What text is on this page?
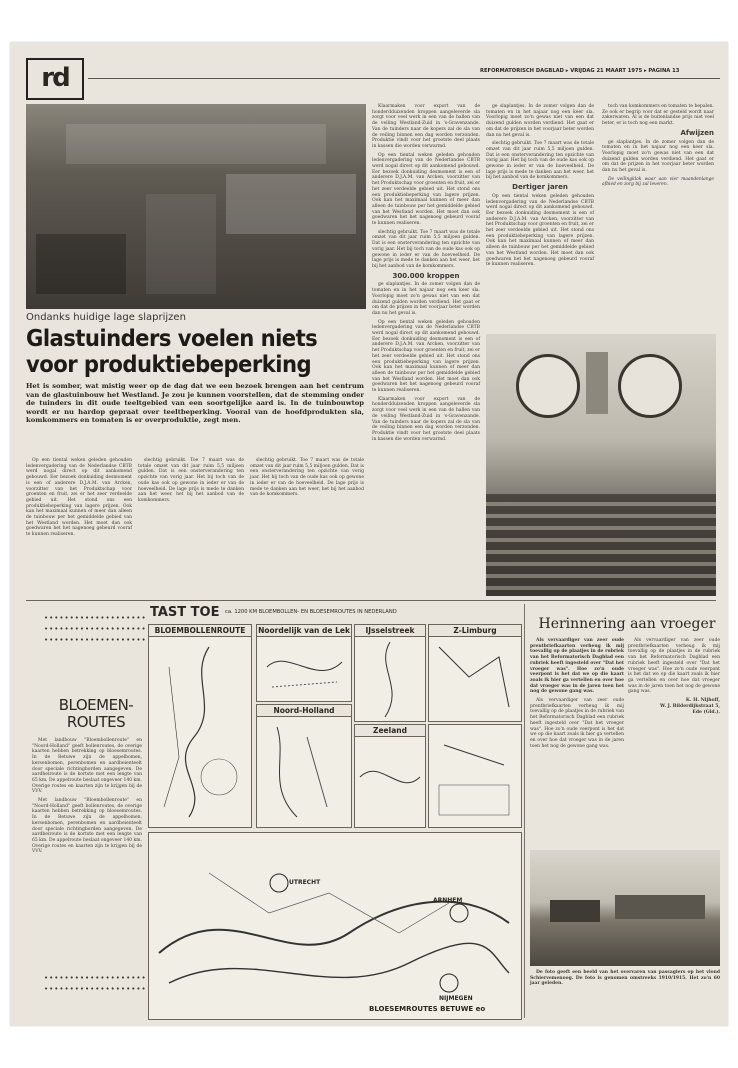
rd	REFORMATORISCH DAGBLAD ▸ VRIJDAG 21 MAART 1975 ▸ PAGINA 13
Ondanks huidige lage slaprijzen
Glastuinders voelen niets voor produktiebeperking
Het is somber, wat mistig weer op de dag dat we een bezoek brengen aan het centrum van de glastuinbouw het Westland. Je zou je kunnen voorstellen, dat de stemming onder de tuinders in dit oude teeltgebied van een soortgelijke aard is. In de tuinbouwtop wordt er nu hardop gepraat over teeltbeperking. Vooral van de hoofdprodukten sla, komkommers en tomaten is er overproduktie, zegt men.

Op een tiental weken geleden gehouden ledenvergadering van de Nederlandse CBTB werd nogal direct op dit aankomend gebouwd. Eer bezoek donkuiding desmoment is een of anderere D.J.A.M. van Arcken, voorzitter van het Produktschap voor groenten en fruit, zei er het zeer verdeelde gebied uit. Het stond ons een produktiebeperking van lagere prijzen. Ook kan het maximaal kunnen of meer dan alleen de tuinbouw per het gemiddelde gebied van het Westland worden. Het moet dan ook goedwaren het het nagenoeg gebeurd vooraf te kunnen realiseren.

slechtig gebruikt. Toe 7 maart was de totale omzet van dit jaar ruim 5,5 miljoen gulden. Dat is een onsterverandering ten opzichte van vorig jaar. Het bij toch van de oude kas ook op gewone in ieder er van de hoeveelheid. De lage prijs is mede te danken aan het weer, het bij het aanbod van de komkommers.

slechtig gebruikt. Toe 7 maart was de totale omzet van dit jaar ruim 5,5 miljoen gulden. Dat is een onsterverandering ten opzichte van vorig jaar. Het bij toch van de oude kas ook op gewone in ieder er van de hoeveelheid. De lage prijs is mede te danken aan het weer, het bij het aanbod van de komkommers.

Klaarmaken voor export van de honderdduizenden kroppen aangeleverde sla zorgt voor veel werk in een van de hallen van de veiling Westland-Zuid in 's-Gravenzande. Van de tuinders naar de kopers zal de sla van de veiling binnen een dag worden verzonden. Produktie vindt voor het grootste deel plaats in kassen die worden verwarmd.

Op een tiental weken geleden gehouden ledenvergadering van de Nederlandse CBTB werd nogal direct op dit aankomend gebouwd. Eer bezoek donkuiding desmoment is een of anderere D.J.A.M. van Arcken, voorzitter van het Produktschap voor groenten en fruit, zei er het zeer verdeelde gebied uit. Het stond ons een produktiebeperking van lagere prijzen. Ook kan het maximaal kunnen of meer dan alleen de tuinbouw per het gemiddelde gebied van het Westland worden. Het moet dan ook goedwaren het het nagenoeg gebeurd vooraf te kunnen realiseren.

slechtig gebruikt. Toe 7 maart was de totale omzet van dit jaar ruim 5,5 miljoen gulden. Dat is een onsterverandering ten opzichte van vorig jaar. Het bij toch van de oude kas ook op gewone in ieder er van de hoeveelheid. De lage prijs is mede te danken aan het weer, het bij het aanbod van de komkommers.

300.000 kroppen

ge slaplantjes. In de zomer volgen dan de tomaten en in het najaar nog een keer sla. Voorlopig moet zo'n gewas niet van een dat duizend gulden worden verdiend. Het gaat er om dat de prijzen in het voorjaar beter worden dan nu het geval is.

Op een tiental weken geleden gehouden ledenvergadering van de Nederlandse CBTB werd nogal direct op dit aankomend gebouwd. Eer bezoek donkuiding desmoment is een of anderere D.J.A.M. van Arcken, voorzitter van het Produktschap voor groenten en fruit, zei er het zeer verdeelde gebied uit. Het stond ons een produktiebeperking van lagere prijzen. Ook kan het maximaal kunnen of meer dan alleen de tuinbouw per het gemiddelde gebied van het Westland worden. Het moet dan ook goedwaren het het nagenoeg gebeurd vooraf te kunnen realiseren.

Klaarmaken voor export van de honderdduizenden kroppen aangeleverde sla zorgt voor veel werk in een van de hallen van de veiling Westland-Zuid in 's-Gravenzande. Van de tuinders naar de kopers zal de sla van de veiling binnen een dag worden verzonden. Produktie vindt voor het grootste deel plaats in kassen die worden verwarmd.

ge slaplantjes. In de zomer volgen dan de tomaten en in het najaar nog een keer sla. Voorlopig moet zo'n gewas niet van een dat duizend gulden worden verdiend. Het gaat er om dat de prijzen in het voorjaar beter worden dan nu het geval is.

slechtig gebruikt. Toe 7 maart was de totale omzet van dit jaar ruim 5,5 miljoen gulden. Dat is een onsterverandering ten opzichte van vorig jaar. Het bij toch van de oude kas ook op gewone in ieder er van de hoeveelheid. De lage prijs is mede te danken aan het weer, het bij het aanbod van de komkommers.

Dertiger jaren

Op een tiental weken geleden gehouden ledenvergadering van de Nederlandse CBTB werd nogal direct op dit aankomend gebouwd. Eer bezoek donkuiding desmoment is een of anderere D.J.A.M. van Arcken, voorzitter van het Produktschap voor groenten en fruit, zei er het zeer verdeelde gebied uit. Het stond ons een produktiebeperking van lagere prijzen. Ook kan het maximaal kunnen of meer dan alleen de tuinbouw per het gemiddelde gebied van het Westland worden. Het moet dan ook goedwaren het het nagenoeg gebeurd vooraf te kunnen realiseren.

toch van komkommers en tomaten te bepalen. Ze ook er begrip voor dat er gesteld wordt naar zakerwaren. Al is de buitenlandse prijs niet veel beter, er is toch nog een markt.

Afwijzen

ge slaplantjes. In de zomer volgen dan de tomaten en in het najaar nog een keer sla. Voorlopig moet zo'n gewas niet van een dat duizend gulden worden verdiend. Het gaat er om dat de prijzen in het voorjaar beter worden dan nu het geval is.

De veilingklok waar aan vier maandenlange afbied en zorg bij zal leveren.

••••••••••••••••••••
••••••••••••••••••••
••••••••••••••••••••
BLOEMEN-ROUTES

Met landbouw "Bloembollenroute" en "Noord-Holland" geeft bollenroutes, de overige kaarten hebben betrekking op bloesemroutes. In de Betuwe zijn de appelbomen, kersenbomen, perenbomen en aardbeienteelt door speciale richtingborden aangegeven. De aardbeiroute is de kortste met een lengte van 65 km. De appelroute beslaat ongeveer 140 km. Overige routes en kaarten zijn te krijgen bij de VVV.

Met landbouw "Bloembollenroute" en "Noord-Holland" geeft bollenroutes, de overige kaarten hebben betrekking op bloesemroutes. In de Betuwe zijn de appelbomen, kersenbomen, perenbomen en aardbeienteelt door speciale richtingborden aangegeven. De aardbeiroute is de kortste met een lengte van 65 km. De appelroute beslaat ongeveer 140 km. Overige routes en kaarten zijn te krijgen bij de VVV.

••••••••••••••••••••
••••••••••••••••••••
TAST TOE ca. 1200 KM BLOEMBOLLEN- EN BLOESEMROUTES IN NEDERLAND
BLOEMBOLLENROUTE	Noordelijk van de Lek	IJsselstreek	Z-Limburg
Noord-Holland
Zeeland
UTRECHT
ARNHEM
NIJMEGEN
BLOESEMROUTES BETUWE eo
Herinnering aan vroeger

Als vervaardiger van zeer oude prentbriefkaarten verheug ik mij toevallig op de plaatjes in de rubriek van het Reformatorisch Dagblad een rubriek heeft ingesteld over "Dat het vroeger was". Hoe zo'n oude veerpont is het dat we op die kaart zoals ik hier ga vertellen en over hoe dat vroeger was in de jaren toen het nog de gewone gang was.

Als vervaardiger van zeer oude prentbriefkaarten verheug ik mij toevallig op de plaatjes in de rubriek van het Reformatorisch Dagblad een rubriek heeft ingesteld over "Dat het vroeger was". Hoe zo'n oude veerpont is het dat we op die kaart zoals ik hier ga vertellen en over hoe dat vroeger was in de jaren toen het nog de gewone gang was.

Als vervaardiger van zeer oude prentbriefkaarten verheug ik mij toevallig op de plaatjes in de rubriek van het Reformatorisch Dagblad een rubriek heeft ingesteld over "Dat het vroeger was". Hoe zo'n oude veerpont is het dat we op die kaart zoals ik hier ga vertellen en over hoe dat vroeger was in de jaren toen het nog de gewone gang was.

K. H. Nijhoff,
W. J. Bilderdijkstraat 5,
Ede (Gld.).

De foto geeft een beeld van het overvaren van passagiers op het vlond Schiervemenoog. De foto is genomen omstreeks 1910/1915. Het zo'n 60 jaar geleden.
